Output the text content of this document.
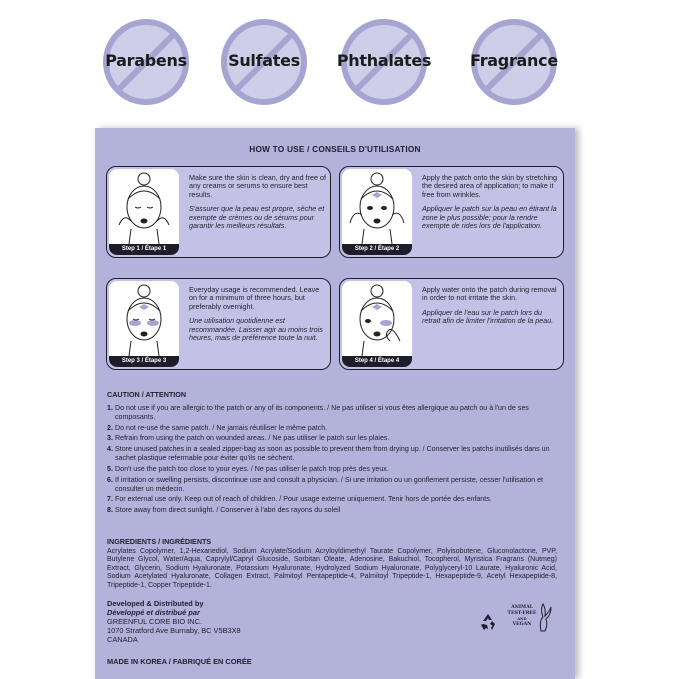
Parabens	Sulfates	Phthalates	Fragrance
HOW TO USE / CONSEILS D'UTILISATION
Step 1 / Étape 1
Make sure the skin is clean, dry and free of any creams or serums to ensure best results.
S'assurer que la peau est propre, sèche et exempte de crèmes ou de sérums pour garantir les meilleurs résultats.
Step 2 / Étape 2
Apply the patch onto the skin by stretching the desired area of application; to make it free from wrinkles.
Appliquer le patch sur la peau en étirant la zone le plus possible; pour la rendre exempte de rides lors de l'application.
Step 3 / Étape 3
Everyday usage is recommended. Leave on for a minimum of three hours, but preferably overnight.
Une utilisation quotidienne est recommandée. Laisser agir au moins trois heures, mais de préférence toute la nuit.
Step 4 / Étape 4
Apply water onto the patch during removal in order to not irritate the skin.
Appliquer de l'eau sur le patch lors du retrait afin de limiter l'irritation de la peau.
CAUTION / ATTENTION
1. Do not use if you are allergic to the patch or any of its components. / Ne pas utiliser si vous êtes allergique au patch ou à l'un de ses composants.
2. Do not re-use the same patch. / Ne jamais réutiliser le même patch.
3. Refrain from using the patch on wounded areas. / Ne pas utiliser le patch sur les plaies.
4. Store unused patches in a sealed zipper-bag as soon as possible to prevent them from drying up. / Conserver les patchs inutilisés dans un sachet plastique refermable pour éviter qu'ils ne sèchent.
5. Don't use the patch too close to your eyes. / Ne pas utiliser le patch trop près des yeux.
6. If irritation or swelling persists, discontinue use and consult a physician. / Si une irritation ou un gonflement persiste, cesser l'utilisation et consulter un médecin.
7. For external use only. Keep out of reach of children. / Pour usage externe uniquement. Tenir hors de portée des enfants.
8. Store away from direct sunlight. / Conserver à l'abri des rayons du soleil
INGREDIENTS / INGRÉDIENTS
Acrylates Copolymer, 1,2-Hexanediol, Sodium Acrylate/Sodium Acryloyldimethyl Taurate Copolymer, Polyisobutene, Gluconolactone, PVP, Butylene Glycol, Water/Aqua, Caprylyl/Capryl Glucoside, Sorbitan Oleate, Adenosine, Bakuchiol, Tocopherol, Myristica Fragrans (Nutmeg) Extract, Glycerin, Sodium Hyaluronate, Potassium Hyaluronate, Hydrolyzed Sodium Hyaluronate, Polyglyceryl-10 Laurate, Hyaluronic Acid, Sodium Acetylated Hyaluronate, Collagen Extract, Palmitoyl Pentapeptide-4, Palmitoyl Tripeptide-1, Hexapeptide-9, Acetyl Hexapeptide-8, Tripeptide-1, Copper Tripeptide-1.
Developed & Distributed by
Développé et distribué par
GREENFUL CORE BIO INC.
1070 Stratford Ave Burnaby, BC V5B3X8
CANADA
MADE IN KOREA / FABRIQUÉ EN CORÉE
ANIMAL
TEST-FREE
AND
VEGAN
